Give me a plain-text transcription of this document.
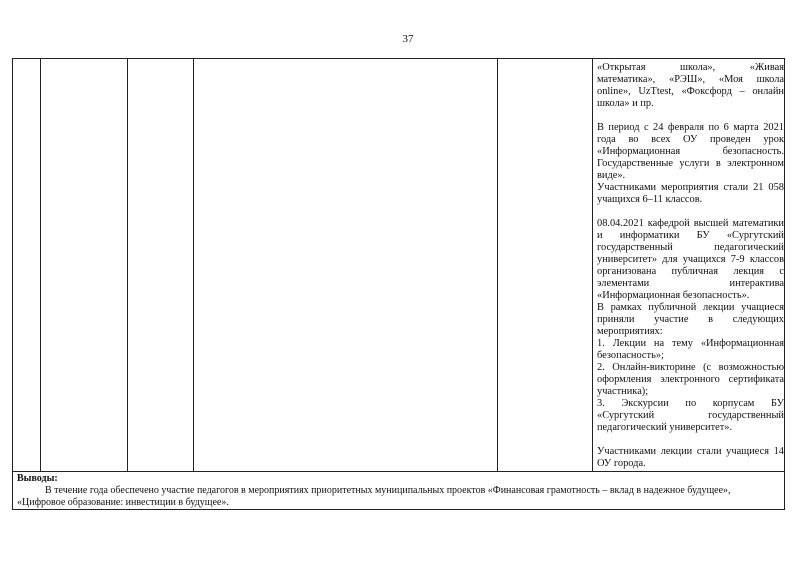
37
«Открытая школа», «Живая
математика», «РЭШ», «Моя школа
online», UzTtest, «Фоксфорд – онлайн
школа» и пр.
В период с 24 февраля по 6 марта 2021
года во всех ОУ проведен урок
«Информационная безопасность.
Государственные услуги в электронном
виде».
Участниками мероприятия стали 21 058
учащихся 6–11 классов.
08.04.2021 кафедрой высшей математики
и информатики БУ «Сургутский
государственный педагогический
университет» для учащихся 7-9 классов
организована публичная лекция с
элементами интерактива
«Информационная безопасность».
В рамках публичной лекции учащиеся
приняли участие в следующих
мероприятиях:
1. Лекции на тему «Информационная
безопасность»;
2. Онлайн-викторине (с возможностью
оформления электронного сертификата
участника);
3. Экскурсии по корпусам БУ
«Сургутский государственный
педагогический университет».
Участниками лекции стали учащиеся 14
ОУ города.
Выводы:
В течение года обеспечено участие педагогов в мероприятиях приоритетных муниципальных проектов «Финансовая грамотность – вклад в надежное будущее», «Цифровое образование: инвестиции в будущее».
